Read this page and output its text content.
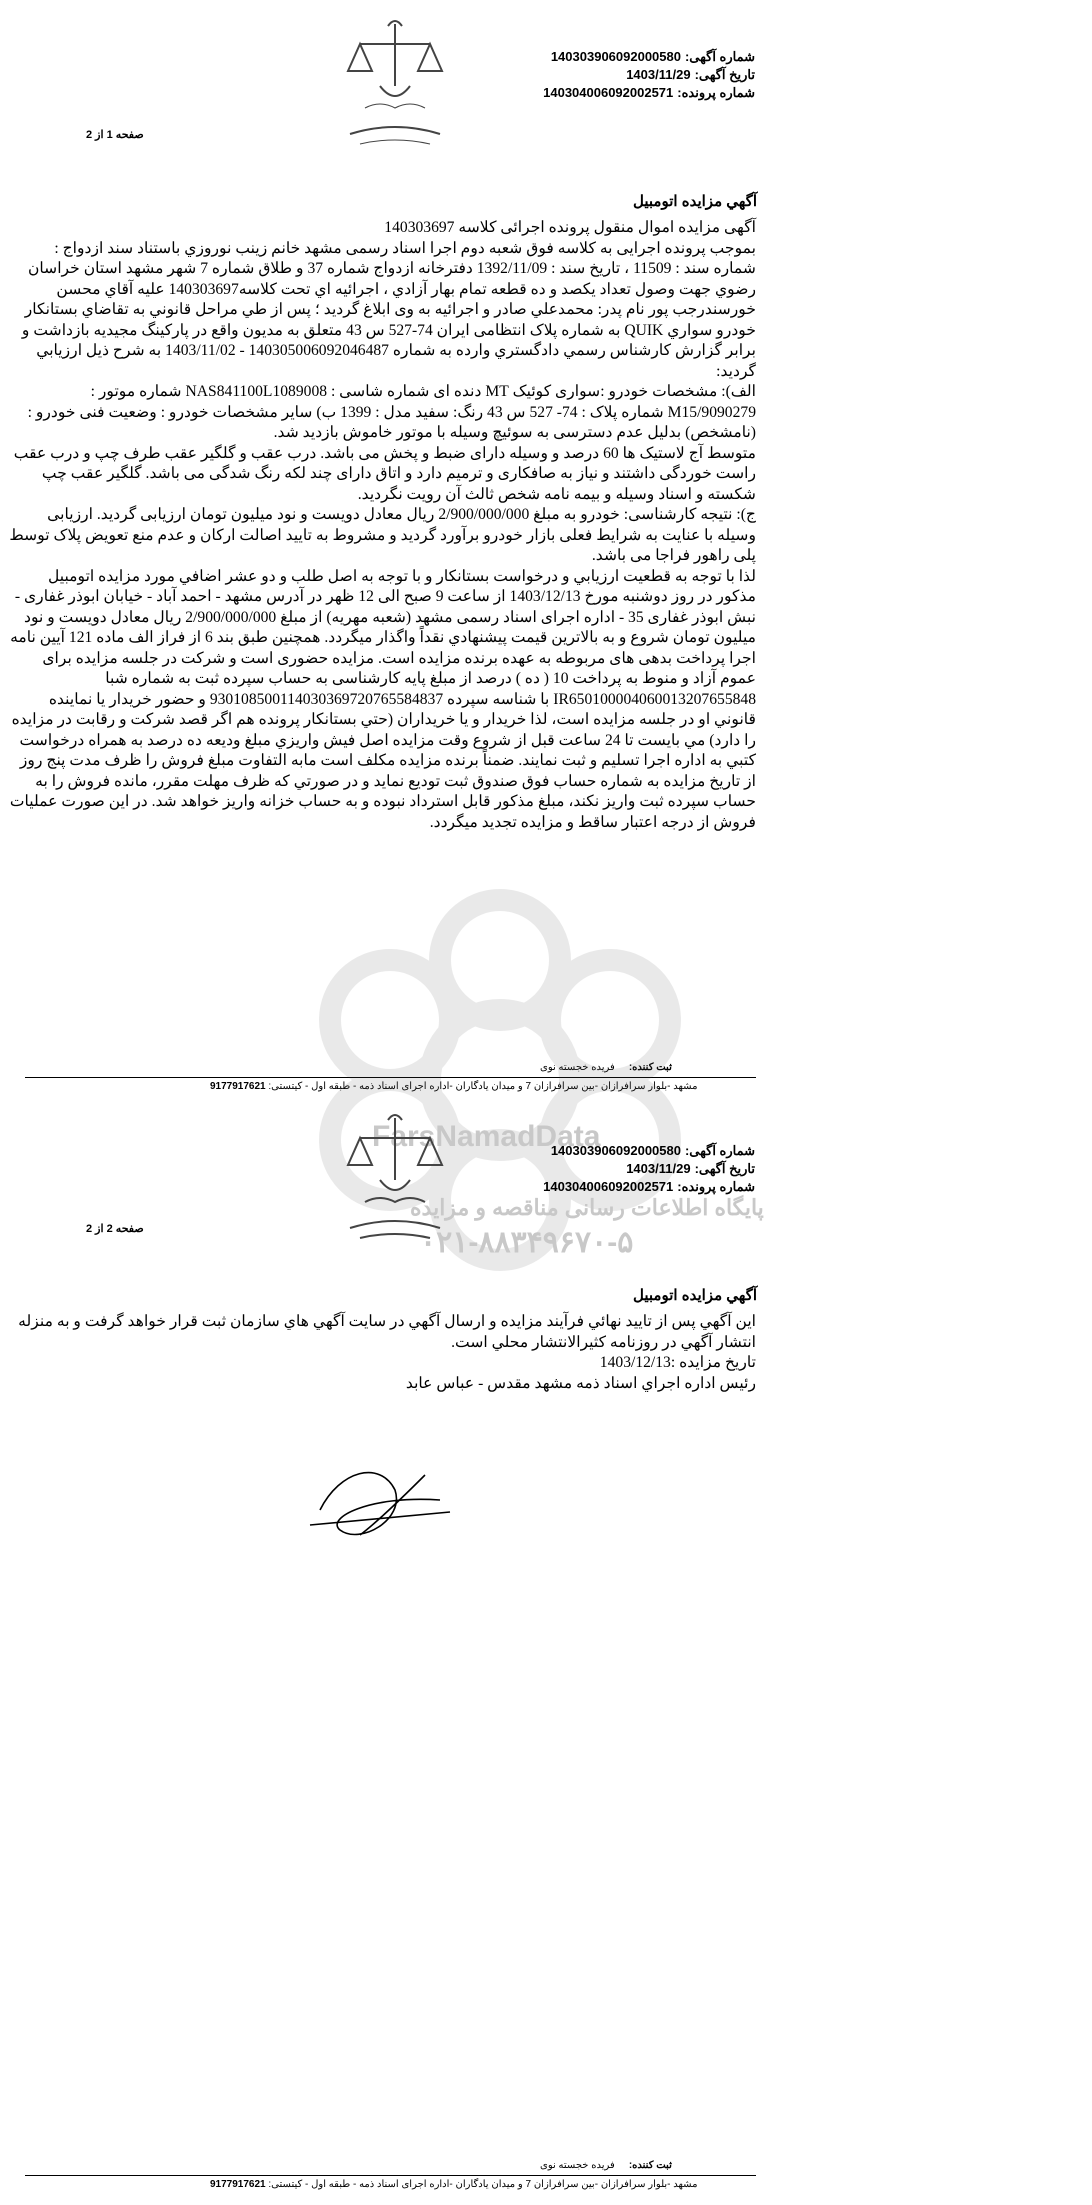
شماره آگهی:140303906092000580
تاریخ آگهی:1403/11/29
شماره پرونده:140304006092002571
صفحه 1 از 2
آگهي مزايده اتومبيل

آگهی مزایده اموال منقول پرونده اجرائی کلاسه 140303697

بموجب پرونده اجرایی به کلاسه فوق شعبه دوم اجرا اسناد رسمی مشهد خانم زینب نوروزي باستناد سند ازدواج : شماره سند : 11509 ، تاريخ سند : 1392/11/09 دفترخانه ازدواج شماره 37 و طلاق شماره 7 شهر مشهد استان خراسان رضوي جهت وصول تعداد يكصد و ده قطعه تمام بهار آزادي ، اجرائيه اي تحت كلاسه140303697 عليه آقاي محسن خورسندرجب پور نام پدر: محمدعلي صادر و اجرائيه به وی ابلاغ گردید ؛ پس از طي مراحل قانوني به تقاضاي بستانكار خودرو سواري QUIK به شماره پلاک انتظامی ایران 74-527 س 43 متعلق به مديون واقع در پاركينگ مجيديه بازداشت و برابر گزارش كارشناس رسمي دادگستري وارده به شماره 140305006092046487 - 1403/11/02 به شرح ذيل ارزيابي گرديد:

الف): مشخصات خودرو :سواری کوئیک MT دنده ای شماره شاسی : NAS841100L1089008 شماره موتور : M15/9090279 شماره پلاک : 74- 527 س 43 رنگ: سفید مدل : 1399 ب) سایر مشخصات خودرو : وضعیت فنی خودرو : (نامشخص) بدلیل عدم دسترسی به سوئیچ وسیله با موتور خاموش بازدید شد.

متوسط آج لاستیک ها 60 درصد و وسیله دارای ضبط و پخش می باشد. درب عقب و گلگیر عقب طرف چپ و درب عقب راست خوردگی داشتند و نیاز به صافکاری و ترمیم دارد و اتاق دارای چند لکه رنگ شدگی می باشد. گلگیر عقب چپ شکسته و اسناد وسیله و بیمه نامه شخص ثالث آن رویت نگردید.

ج): نتیجه کارشناسی: خودرو به مبلغ 2/900/000/000 ریال معادل دویست و نود میلیون تومان ارزیابی گردید. ارزیابی وسیله با عنایت به شرایط فعلی بازار خودرو برآورد گردید و مشروط به تایید اصالت ارکان و عدم منع تعویض پلاک توسط پلی راهور فراجا می باشد.

لذا با توجه به قطعيت ارزيابي و درخواست بستانكار و با توجه به اصل طلب و دو عشر اضافي مورد مزايده اتومبيل مذكور در روز دوشنبه مورخ 1403/12/13 از ساعت 9 صبح الی 12 ظهر در آدرس مشهد - احمد آباد - خیابان ابوذر غفاری - نبش ابوذر غفاری 35 - اداره اجرای اسناد رسمی مشهد (شعبه مهریه) از مبلغ 2/900/000/000 ريال معادل دويست و نود ميليون تومان شروع و به بالاترين قيمت پيشنهادي نقداً واگذار ميگردد. همچنين طبق بند 6 از فراز الف ماده 121 آیین نامه اجرا پرداخت بدهی های مربوطه به عهده برنده مزایده است. مزایده حضوری است و شرکت در جلسه مزایده برای عموم آزاد و منوط به پرداخت 10 ( ده ) درصد از مبلغ پایه کارشناسی به حساب سپرده ثبت به شماره شبا IR650100004060013207655848 با شناسه سپرده 930108500114030369720765584837 و حضور خريدار يا نماينده قانوني او در جلسه مزايده است، لذا خريدار و يا خريداران (حتي بستانكار پرونده هم اگر قصد شركت و رقابت در مزايده را دارد) مي بايست تا 24 ساعت قبل از شروع وقت مزايده اصل فيش واريزي مبلغ وديعه ده درصد به همراه درخواست كتبي به اداره اجرا تسليم و ثبت نمايند. ضمناً برنده مزايده مكلف است مابه التفاوت مبلغ فروش را ظرف مدت پنج روز از تاريخ مزايده به شماره حساب فوق صندوق ثبت توديع نمايد و در صورتي كه ظرف مهلت مقرر، مانده فروش را به حساب سپرده ثبت واريز نكند، مبلغ مذكور قابل استرداد نبوده و به حساب خزانه واريز خواهد شد. در اين صورت عمليات فروش از درجه اعتبار ساقط و مزايده تجديد ميگردد.

ثبت کننده:فریده خجسته نوی
مشهد -بلوار سرافرازان -بین سرافرازان 7 و میدان یادگاران -اداره اجرای اسناد ذمه - طبقه اول - کیتستی: 9177917621
FarsNamadData
پایگاه اطلاعات رسانی مناقصه و مزایده
۰۲۱-۸۸۳۴۹۶۷۰-۵
شماره آگهی:140303906092000580
تاریخ آگهی:1403/11/29
شماره پرونده:140304006092002571
صفحه 2 از 2
آگهي مزايده اتومبيل

اين آگهي پس از تاييد نهائي فرآيند مزايده و ارسال آگهي در سايت آگهي هاي سازمان ثبت قرار خواهد گرفت و به منزله انتشار آگهي در روزنامه كثيرالانتشار محلي است.

تاريخ مزايده :1403/12/13

رئيس اداره اجراي اسناد ذمه مشهد مقدس - عباس عابد

ثبت کننده:فریده خجسته نوی
مشهد -بلوار سرافرازان -بین سرافرازان 7 و میدان یادگاران -اداره اجرای اسناد ذمه - طبقه اول - کیتستی: 9177917621
